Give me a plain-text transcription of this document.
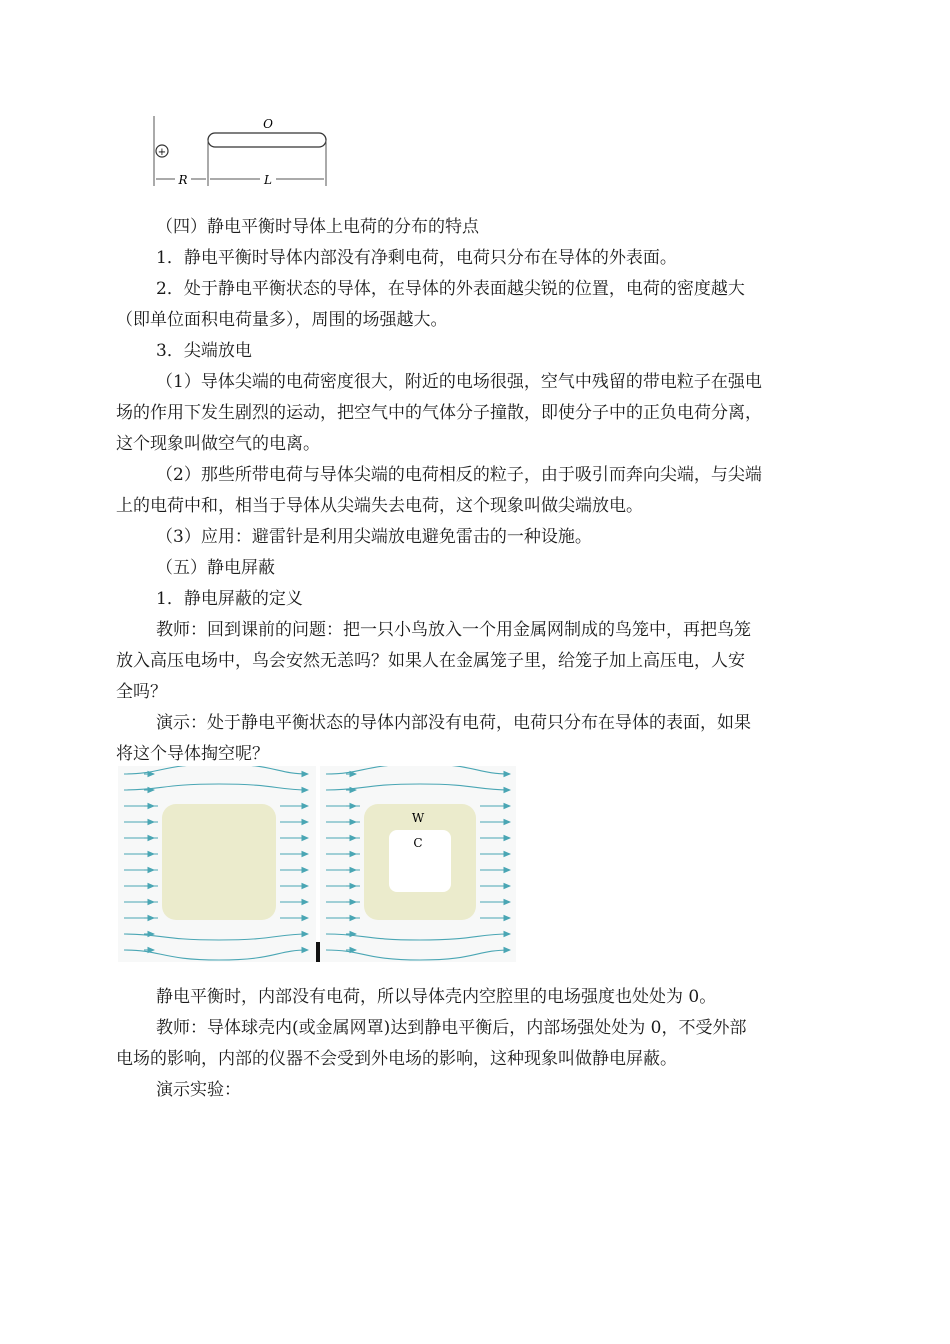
+
O
R	L
（四）静电平衡时导体上电荷的分布的特点
1．静电平衡时导体内部没有净剩电荷，电荷只分布在导体的外表面。
2．处于静电平衡状态的导体，在导体的外表面越尖锐的位置，电荷的密度越大
（即单位面积电荷量多），周围的场强越大。
3．尖端放电
（1）导体尖端的电荷密度很大，附近的电场很强，空气中残留的带电粒子在强电
场的作用下发生剧烈的运动，把空气中的气体分子撞散，即使分子中的正负电荷分离，
这个现象叫做空气的电离。
（2）那些所带电荷与导体尖端的电荷相反的粒子，由于吸引而奔向尖端，与尖端
上的电荷中和，相当于导体从尖端失去电荷，这个现象叫做尖端放电。
（3）应用：避雷针是利用尖端放电避免雷击的一种设施。
（五）静电屏蔽
1．静电屏蔽的定义
教师：回到课前的问题：把一只小鸟放入一个用金属网制成的鸟笼中，再把鸟笼
放入高压电场中，鸟会安然无恙吗？如果人在金属笼子里，给笼子加上高压电，人安
全吗？
演示：处于静电平衡状态的导体内部没有电荷，电荷只分布在导体的表面，如果
将这个导体掏空呢？
W
C
静电平衡时，内部没有电荷，所以导体壳内空腔里的电场强度也处处为 0。
教师：导体球壳内(或金属网罩)达到静电平衡后，内部场强处处为 0，不受外部
电场的影响，内部的仪器不会受到外电场的影响，这种现象叫做静电屏蔽。
演示实验：
